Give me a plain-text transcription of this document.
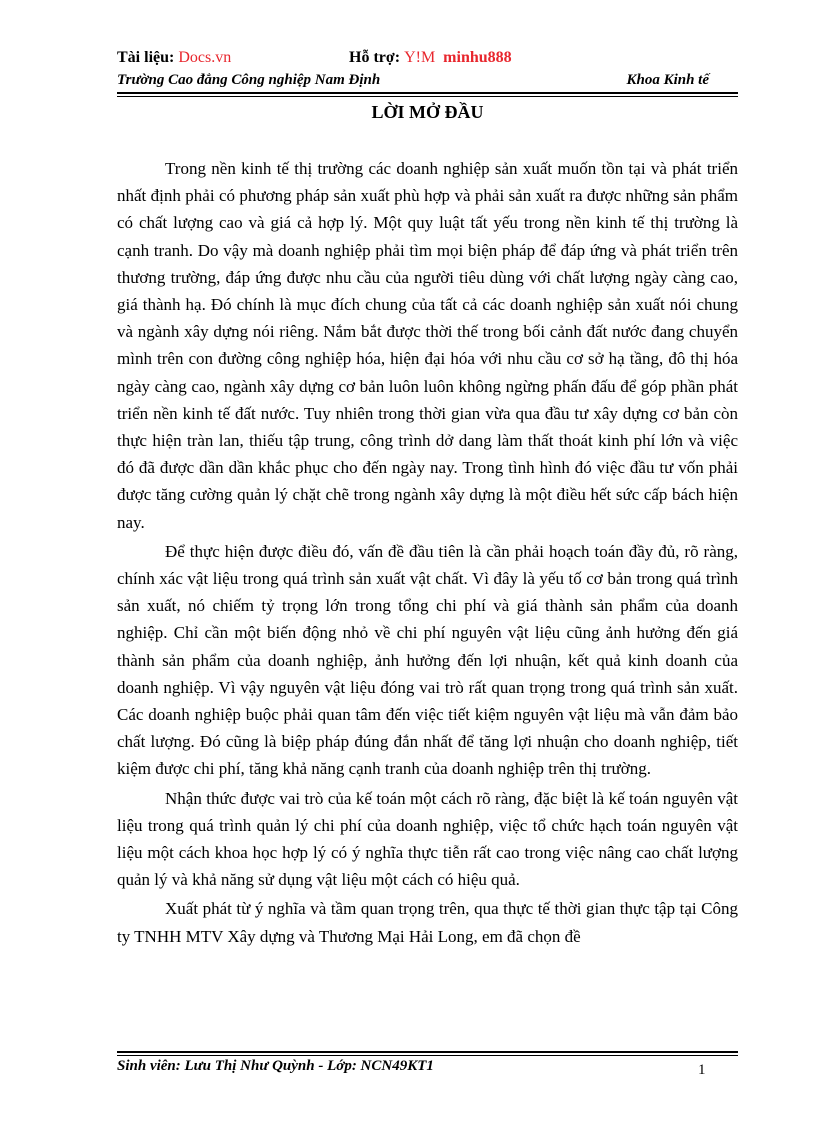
Tài liệu: Docs.vn	Hỗ trợ: Y!M minhu888
Trường Cao đẳng Công nghiệp Nam Định	Khoa Kinh tế
LỜI MỞ ĐẦU

Trong nền kinh tế thị trường các doanh nghiệp sản xuất muốn tồn tại và phát triển nhất định phải có phương pháp sản xuất phù hợp và phải sản xuất ra được những sản phẩm có chất lượng cao và giá cả hợp lý. Một quy luật tất yếu trong nền kinh tế thị trường là cạnh tranh. Do vậy mà doanh nghiệp phải tìm mọi biện pháp để đáp ứng và phát triển trên thương trường, đáp ứng được nhu cầu của người tiêu dùng với chất lượng ngày càng cao, giá thành hạ. Đó chính là mục đích chung của tất cả các doanh nghiệp sản xuất nói chung và ngành xây dựng nói riêng. Nắm bắt được thời thế trong bối cảnh đất nước đang chuyển mình trên con đường công nghiệp hóa, hiện đại hóa với nhu cầu cơ sở hạ tầng, đô thị hóa ngày càng cao, ngành xây dựng cơ bản luôn luôn không ngừng phấn đấu để góp phần phát triển nền kinh tế đất nước. Tuy nhiên trong thời gian vừa qua đầu tư xây dựng cơ bản còn thực hiện tràn lan, thiếu tập trung, công trình dở dang làm thất thoát kinh phí lớn và việc đó đã được dần dần khắc phục cho đến ngày nay. Trong tình hình đó việc đầu tư vốn phải được tăng cường quản lý chặt chẽ trong ngành xây dựng là một điều hết sức cấp bách hiện nay.

Để thực hiện được điều đó, vấn đề đầu tiên là cần phải hoạch toán đầy đủ, rõ ràng, chính xác vật liệu trong quá trình sản xuất vật chất. Vì đây là yếu tố cơ bản trong quá trình sản xuất, nó chiếm tỷ trọng lớn trong tổng chi phí và giá thành sản phẩm của doanh nghiệp. Chỉ cần một biến động nhỏ về chi phí nguyên vật liệu cũng ảnh hưởng đến giá thành sản phẩm của doanh nghiệp, ảnh hưởng đến lợi nhuận, kết quả kinh doanh của doanh nghiệp. Vì vậy nguyên vật liệu đóng vai trò rất quan trọng trong quá trình sản xuất. Các doanh nghiệp buộc phải quan tâm đến việc tiết kiệm nguyên vật liệu mà vẫn đảm bảo chất lượng. Đó cũng là biệp pháp đúng đắn nhất để tăng lợi nhuận cho doanh nghiệp, tiết kiệm được chi phí, tăng khả năng cạnh tranh của doanh nghiệp trên thị trường.

Nhận thức được vai trò của kế toán một cách rõ ràng, đặc biệt là kế toán nguyên vật liệu trong quá trình quản lý chi phí của doanh nghiệp, việc tổ chức hạch toán nguyên vật liệu một cách khoa học hợp lý có ý nghĩa thực tiễn rất cao trong việc nâng cao chất lượng quản lý và khả năng sử dụng vật liệu một cách có hiệu quả.

Xuất phát từ ý nghĩa và tầm quan trọng trên, qua thực tế thời gian thực tập tại Công ty TNHH MTV Xây dựng và Thương Mại Hải Long, em đã chọn đề

Sinh viên: Lưu Thị Như Quỳnh - Lớp: NCN49KT1	1
